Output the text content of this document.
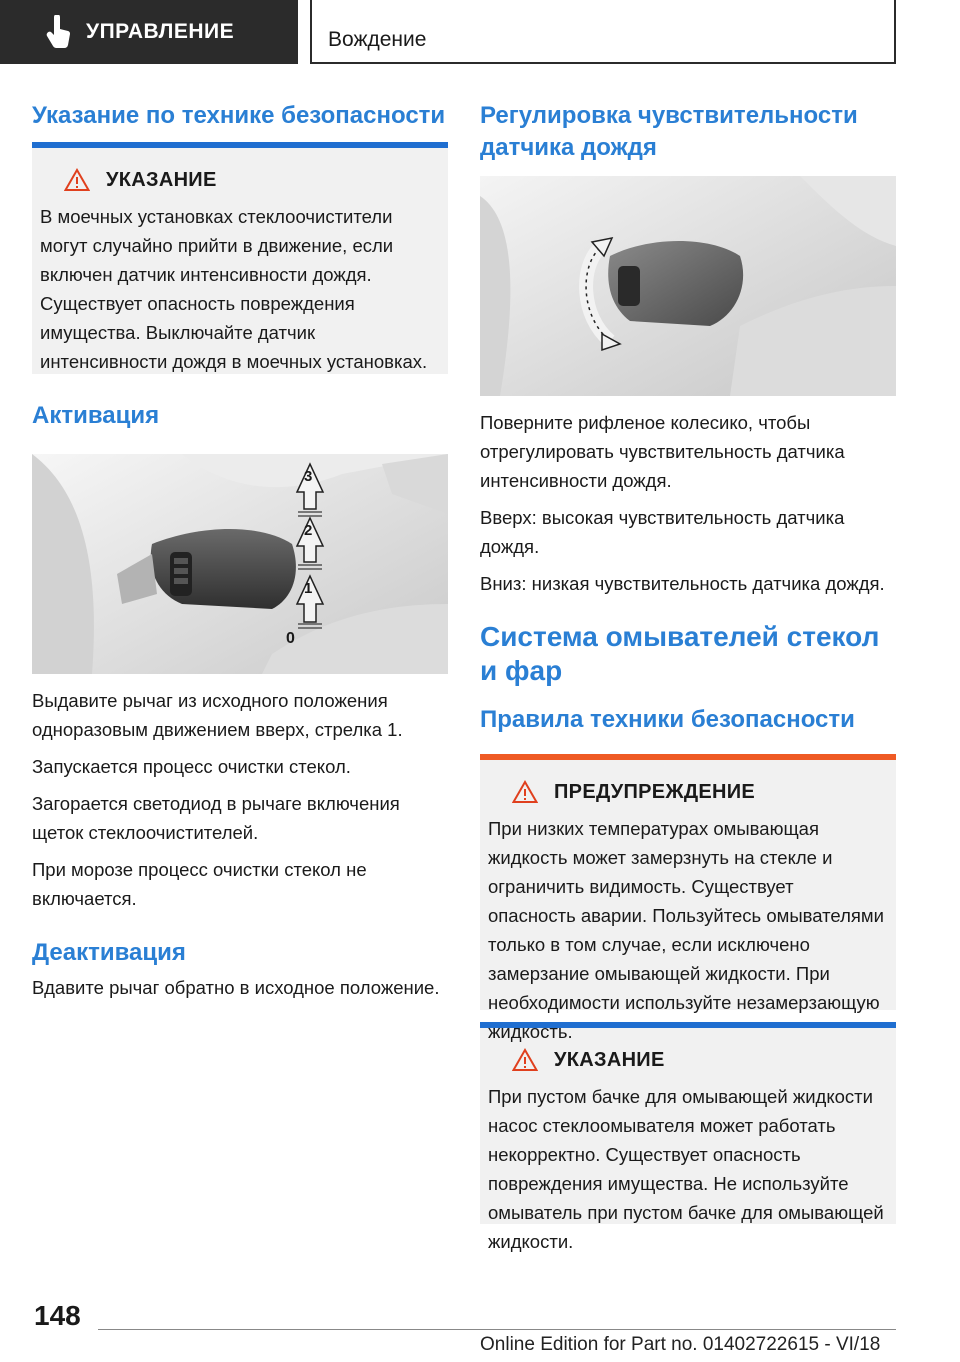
УПРАВЛЕНИЕ	Вождение
Указание по технике безопасности
УКАЗАНИЕ

В моечных установках стеклоочистители могут случайно прийти в движение, если включен датчик интенсивности дождя. Существует опасность повреждения имущества. Выключайте датчик интенсивности дождя в моечных установках.

Активация
3
2
1
0

Выдавите рычаг из исходного положения одноразовым движением вверх, стрелка 1.

Запускается процесс очистки стекол.

Загорается светодиод в рычаге включения щеток стеклоочистителей.

При морозе процесс очистки стекол не включается.

Деактивация

Вдавите рычаг обратно в исходное положение.

Регулировка чувствительности датчика дождя

Поверните рифленое колесико, чтобы отрегулировать чувствительность датчика интенсивности дождя.

Вверх: высокая чувствительность датчика дождя.

Вниз: низкая чувствительность датчика дождя.

Система омывателей стекол и фар
Правила техники безопасности
ПРЕДУПРЕЖДЕНИЕ

При низких температурах омывающая жидкость может замерзнуть на стекле и ограничить видимость. Существует опасность аварии. Пользуйтесь омывателями только в том случае, если исключено замерзание омывающей жидкости. При необходимости используйте незамерзающую жидкость.

УКАЗАНИЕ

При пустом бачке для омывающей жидкости насос стеклоомывателя может работать некорректно. Существует опасность повреждения имущества. Не используйте омыватель при пустом бачке для омывающей жидкости.

148
Online Edition for Part no. 01402722615 - VI/18
